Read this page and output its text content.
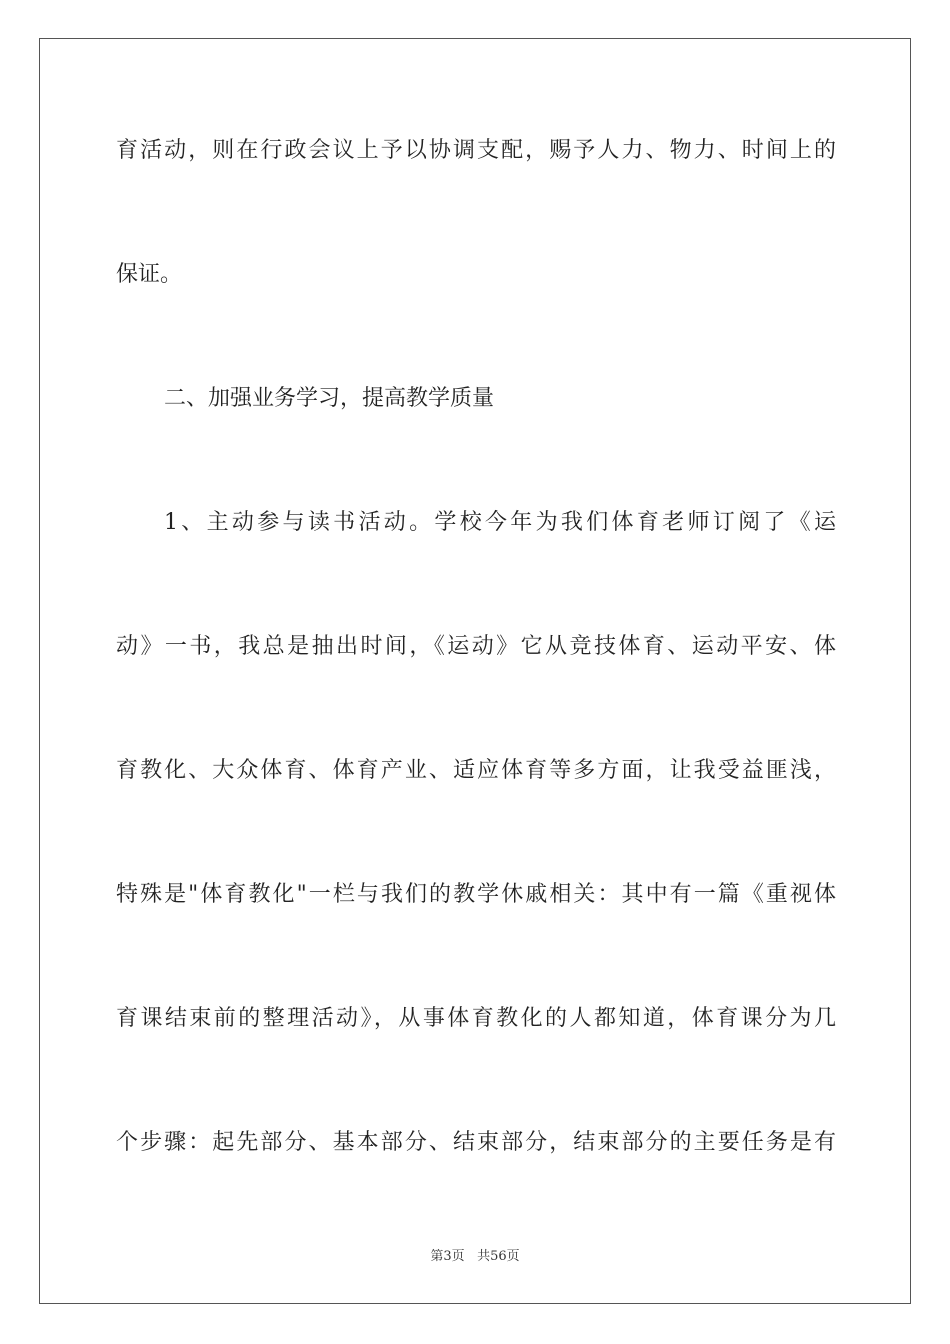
育活动，则在行政会议上予以协调支配，赐予人力、物力、时间上的
保证。
二、加强业务学习，提高教学质量
1、主动参与读书活动。学校今年为我们体育老师订阅了《运
动》一书，我总是抽出时间，《运动》它从竞技体育、运动平安、体
育教化、大众体育、体育产业、适应体育等多方面，让我受益匪浅，
特殊是"体育教化"一栏与我们的教学休戚相关：其中有一篇《重视体
育课结束前的整理活动》，从事体育教化的人都知道，体育课分为几
个步骤：起先部分、基本部分、结束部分，结束部分的主要任务是有
第3页 共56页
